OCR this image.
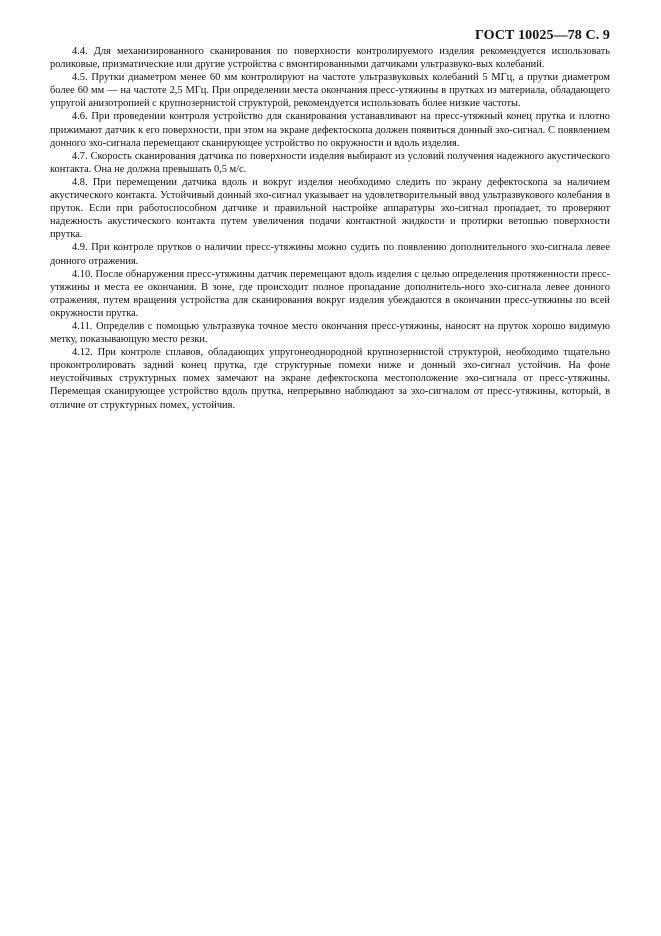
ГОСТ 10025—78 С. 9

4.4. Для механизированного сканирования по поверхности контролируемого изделия рекомендуется использовать роликовые, призматические или другие устройства с вмонтированными датчиками ультразвуко-вых колебаний.

4.5. Прутки диаметром менее 60 мм контролируют на частоте ультразвуковых колебаний 5 МГц, а прутки диаметром более 60 мм — на частоте 2,5 МГц. При определении места окончания пресс-утяжины в прутках из материала, обладающего упругой анизотропией с крупнозернистой структурой, рекомендуется использовать более низкие частоты.

4.6. При проведении контроля устройство для сканирования устанавливают на пресс-утяжный конец прутка и плотно прижимают датчик к его поверхности, при этом на экране дефектоскопа должен появиться донный эхо-сигнал. С появлением донного эхо-сигнала перемещают сканирующее устройство по окружности и вдоль изделия.

4.7. Скорость сканирования датчика по поверхности изделия выбирают из условий получения надежного акустического контакта. Она не должна превышать 0,5 м/с.

4.8. При перемещении датчика вдоль и вокруг изделия необходимо следить по экрану дефектоскопа за наличием акустического контакта. Устойчивый донный эхо-сигнал указывает на удовлетворительный ввод ультразвукового колебания в пруток. Если при работоспособном датчике и правильной настройке аппаратуры эхо-сигнал пропадает, то проверяют надежность акустического контакта путем увеличения подачи контактной жидкости и протирки ветошью поверхности прутка.

4.9. При контроле прутков о наличии пресс-утяжины можно судить по появлению дополнительного эхо-сигнала левее донного отражения.

4.10. После обнаружения пресс-утяжины датчик перемещают вдоль изделия с целью определения протяженности пресс-утяжины и места ее окончания. В зоне, где происходит полное пропадание дополнитель-ного эхо-сигнала левее донного отражения, путем вращения устройства для сканирования вокруг изделия убеждаются в окончании пресс-утяжины по всей окружности прутка.

4.11. Определив с помощью ультразвука точное место окончания пресс-утяжины, наносят на пруток хорошо видимую метку, показывающую место резки.

4.12. При контроле сплавов, обладающих упругонеоднородной крупнозернистой структурой, необходимо тщательно проконтролировать задний конец прутка, где структурные помехи ниже и донный эхо-сигнал устойчив. На фоне неустойчивых структурных помех замечают на экране дефектоскопа местоположение эхо-сигнала от пресс-утяжины. Перемещая сканирующее устройство вдоль прутка, непрерывно наблюдают за эхо-сигналом от пресс-утяжины, который, в отличие от структурных помех, устойчив.
